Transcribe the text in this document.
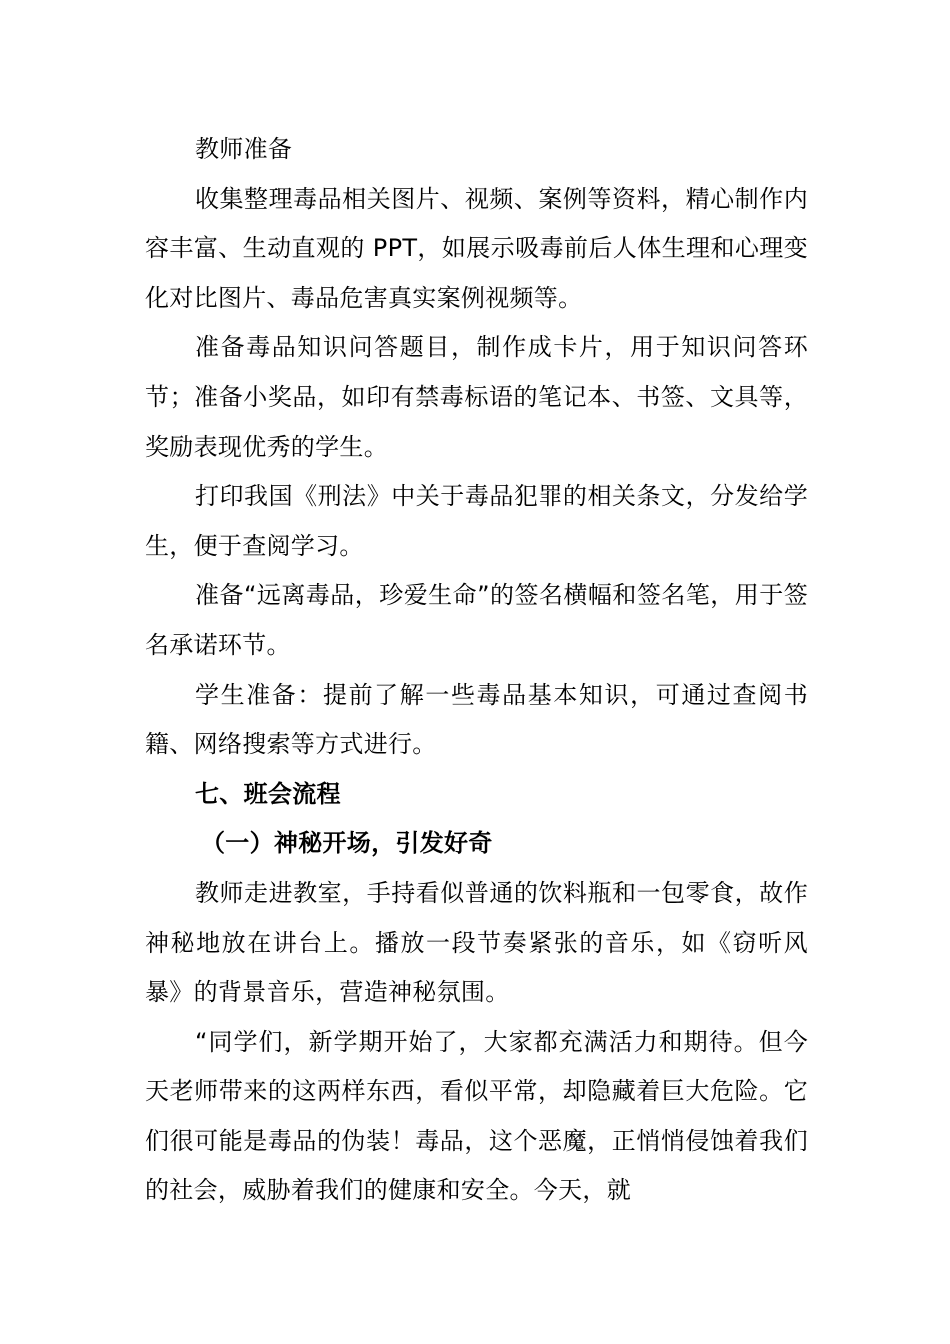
教师准备

收集整理毒品相关图片、视频、案例等资料，精心制作内容丰富、生动直观的 PPT，如展示吸毒前后人体生理和心理变化对比图片、毒品危害真实案例视频等。

准备毒品知识问答题目，制作成卡片，用于知识问答环节；准备小奖品，如印有禁毒标语的笔记本、书签、文具等，奖励表现优秀的学生。

打印我国《刑法》中关于毒品犯罪的相关条文，分发给学生，便于查阅学习。

准备“远离毒品，珍爱生命”的签名横幅和签名笔，用于签名承诺环节。

学生准备：提前了解一些毒品基本知识，可通过查阅书籍、网络搜索等方式进行。

七、班会流程

（一）神秘开场，引发好奇

教师走进教室，手持看似普通的饮料瓶和一包零食，故作神秘地放在讲台上。播放一段节奏紧张的音乐，如《窃听风暴》的背景音乐，营造神秘氛围。

“同学们，新学期开始了，大家都充满活力和期待。但今天老师带来的这两样东西，看似平常，却隐藏着巨大危险。它们很可能是毒品的伪装！毒品，这个恶魔，正悄悄侵蚀着我们的社会，威胁着我们的健康和安全。今天，就
